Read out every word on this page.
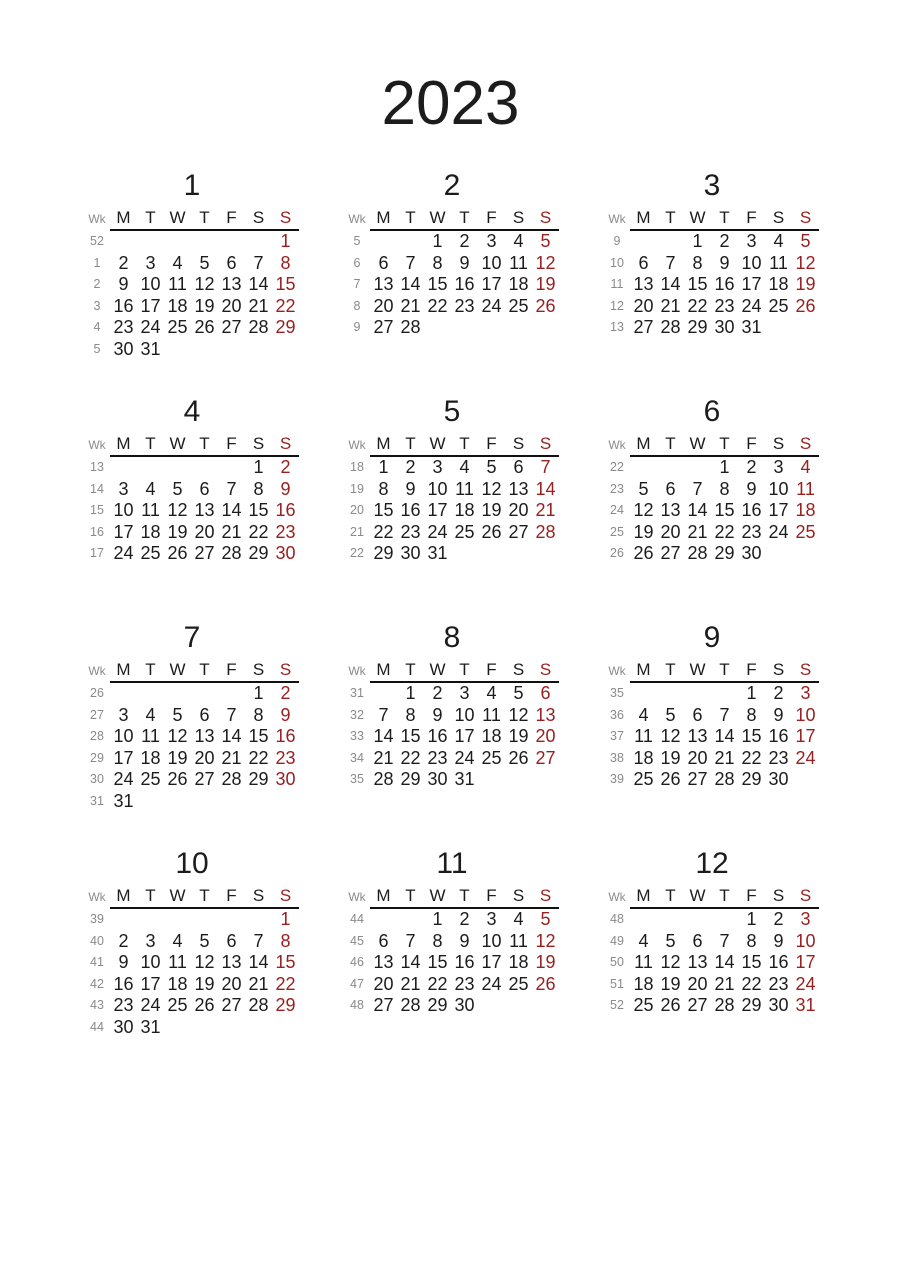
2023
1
Wk	M	T	W	T	F	S	S
52							1
1	2	3	4	5	6	7	8
2	9	10	11	12	13	14	15
3	16	17	18	19	20	21	22
4	23	24	25	26	27	28	29
5	30	31					
2
Wk	M	T	W	T	F	S	S
5			1	2	3	4	5
6	6	7	8	9	10	11	12
7	13	14	15	16	17	18	19
8	20	21	22	23	24	25	26
9	27	28					
3
Wk	M	T	W	T	F	S	S
9			1	2	3	4	5
10	6	7	8	9	10	11	12
11	13	14	15	16	17	18	19
12	20	21	22	23	24	25	26
13	27	28	29	30	31		
4
Wk	M	T	W	T	F	S	S
13						1	2
14	3	4	5	6	7	8	9
15	10	11	12	13	14	15	16
16	17	18	19	20	21	22	23
17	24	25	26	27	28	29	30
5
Wk	M	T	W	T	F	S	S
18	1	2	3	4	5	6	7
19	8	9	10	11	12	13	14
20	15	16	17	18	19	20	21
21	22	23	24	25	26	27	28
22	29	30	31				
6
Wk	M	T	W	T	F	S	S
22				1	2	3	4
23	5	6	7	8	9	10	11
24	12	13	14	15	16	17	18
25	19	20	21	22	23	24	25
26	26	27	28	29	30		
7
Wk	M	T	W	T	F	S	S
26						1	2
27	3	4	5	6	7	8	9
28	10	11	12	13	14	15	16
29	17	18	19	20	21	22	23
30	24	25	26	27	28	29	30
31	31						
8
Wk	M	T	W	T	F	S	S
31		1	2	3	4	5	6
32	7	8	9	10	11	12	13
33	14	15	16	17	18	19	20
34	21	22	23	24	25	26	27
35	28	29	30	31			
9
Wk	M	T	W	T	F	S	S
35					1	2	3
36	4	5	6	7	8	9	10
37	11	12	13	14	15	16	17
38	18	19	20	21	22	23	24
39	25	26	27	28	29	30	
10
Wk	M	T	W	T	F	S	S
39							1
40	2	3	4	5	6	7	8
41	9	10	11	12	13	14	15
42	16	17	18	19	20	21	22
43	23	24	25	26	27	28	29
44	30	31					
11
Wk	M	T	W	T	F	S	S
44			1	2	3	4	5
45	6	7	8	9	10	11	12
46	13	14	15	16	17	18	19
47	20	21	22	23	24	25	26
48	27	28	29	30			
12
Wk	M	T	W	T	F	S	S
48					1	2	3
49	4	5	6	7	8	9	10
50	11	12	13	14	15	16	17
51	18	19	20	21	22	23	24
52	25	26	27	28	29	30	31
